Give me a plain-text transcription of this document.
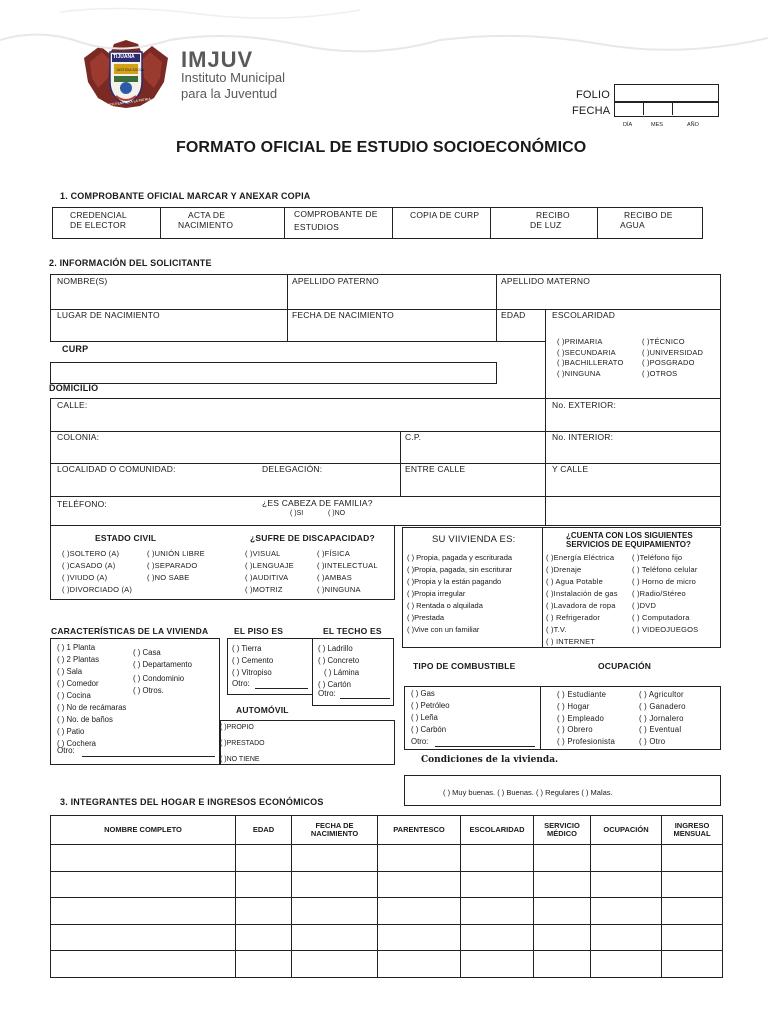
TIJUANA
JUSTICIA SOCIAL
AQUÍ EMPIEZA LA PATRIA
IMJUV
Instituto Municipal
para la Juventud	FOLIO
FECHA
DÍA	MES	AÑO
FORMATO OFICIAL DE ESTUDIO SOCIOECONÓMICO
1. COMPROBANTE OFICIAL MARCAR Y ANEXAR COPIA
CREDENCIAL
DE ELECTOR
ACTA DE
NACIMIENTO
COMPROBANTE DE
ESTUDIOS
COPIA DE CURP	RECIBO
DE LUZ
RECIBO DE
AGUA
2. INFORMACIÓN DEL SOLICITANTE
NOMBRE(S)	APELLIDO PATERNO	APELLIDO MATERNO
LUGAR DE NACIMIENTO	FECHA DE NACIMIENTO	EDAD	ESCOLARIDAD
( )PRIMARIA	( )TÉCNICO
( )SECUNDARIA	( )UNIVERSIDAD
( )BACHILLERATO	( )POSGRADO
( )NINGUNA	( )OTROS
CURP
DOMICILIO
CALLE:	No. EXTERIOR:
COLONIA:	C.P.	No. INTERIOR:
LOCALIDAD O COMUNIDAD:	DELEGACIÓN:	ENTRE CALLE	Y CALLE
TELÉFONO:	¿ES CABEZA DE FAMILIA?
( )SI	( )NO
ESTADO CIVIL	¿SUFRE DE DISCAPACIDAD?
( )SOLTERO (A)	( )UNIÓN LIBRE
( )CASADO (A)	( )SEPARADO
( )VIUDO (A)	( )NO SABE
( )DIVORCIADO (A)
( )VISUAL	( )FÍSICA
( )LENGUAJE	( )INTELECTUAL
( )AUDITIVA	( )AMBAS
( )MOTRIZ	( )NINGUNA
SU VIIVIENDA ES:
( ) Propia, pagada y escriturada
( )Propia, pagada, sin escriturar
( )Propia y la están pagando
( )Propia irregular
( ) Rentada o alquilada
( )Prestada
( )Vive con un familiar
¿CUENTA CON LOS SIGUIENTES
SERVICIOS DE EQUIPAMIENTO?
( )Energía Eléctrica	( )Teléfono fijo
( )Drenaje	( ) Teléfono celular
( ) Agua Potable	( ) Horno de micro
( )Instalación de gas	( )Radio/Stéreo
( )Lavadora de ropa	( )DVD
( ) Refrigerador	( ) Computadora
( )T.V.	( ) VIDEOJUEGOS
( ) INTERNET
CARACTERÍSTICAS DE LA VIVIENDA	EL PISO ES	EL TECHO ES
( ) 1 Planta
( ) 2 Plantas
( ) Sala
( ) Comedor
( ) Cocina
( ) No de recámaras
( ) No. de baños
( ) Patio
( ) Cochera
( ) Casa
( ) Departamento
( ) Condominio
( ) Otros.
Otro:
( ) Tierra
( ) Cemento
( ) Vitropiso
Otro:
( ) Ladrillo
( ) Concreto
( ) Lámina
( ) Cartón
Otro:
AUTOMÓVIL
( )PROPIO
( )PRESTADO
( )NO TIENE
TIPO DE COMBUSTIBLE	OCUPACIÓN
( ) Gas
( ) Petróleo
( ) Leña
( ) Carbón
Otro:
( ) Estudiante	( ) Agricultor
( ) Hogar	( ) Ganadero
( ) Empleado	( ) Jornalero
( ) Obrero	( ) Eventual
( ) Profesionista	( ) Otro
Condiciones de la vivienda.
( ) Muy buenas. ( ) Buenas. ( ) Regulares ( ) Malas.
3. INTEGRANTES DEL HOGAR E INGRESOS ECONÓMICOS
NOMBRE COMPLETO	EDAD	FECHA DE NACIMIENTO	PARENTESCO	ESCOLARIDAD	SERVICIO MÉDICO	OCUPACIÓN	INGRESO MENSUAL
